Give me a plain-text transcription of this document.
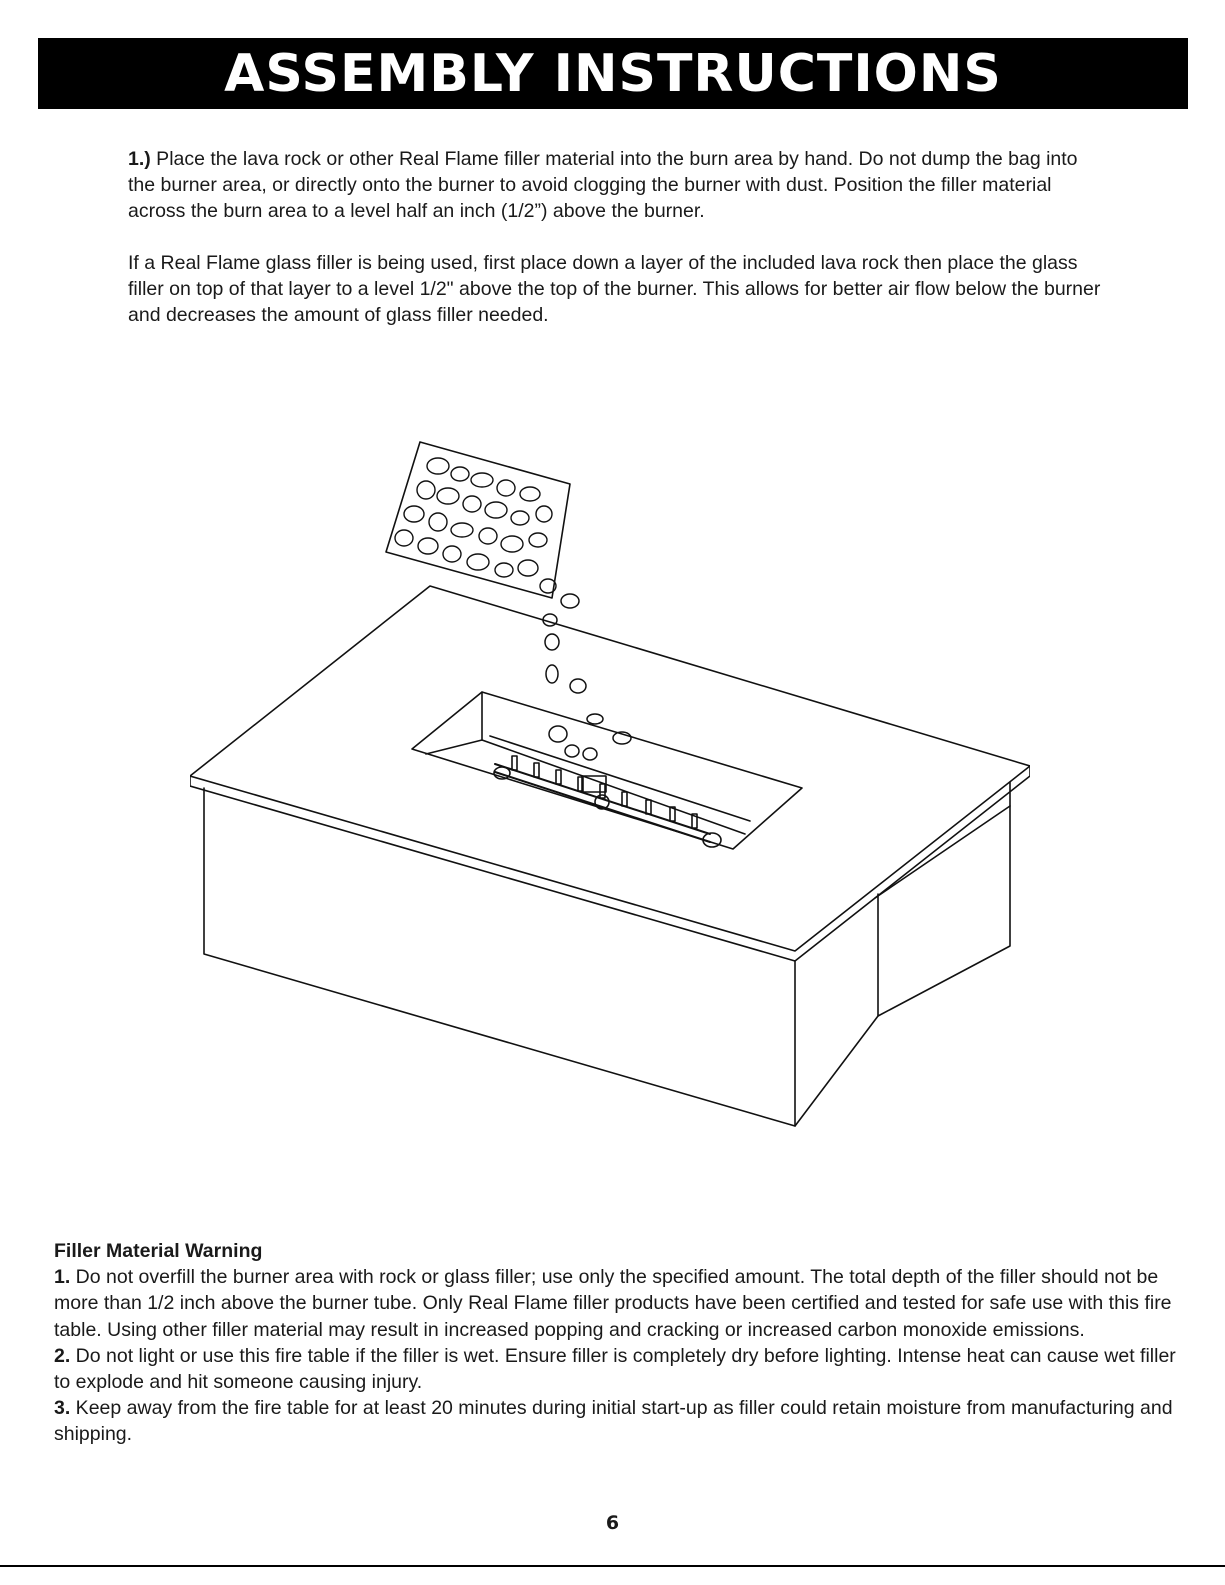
ASSEMBLY INSTRUCTIONS

1.) Place the lava rock or other Real Flame filler material into the burn area by hand. Do not dump the bag into the burner area, or directly onto the burner to avoid clogging the burner with dust. Position the filler material across the burn area to a level half an inch (1/2”) above the burner.

If a Real Flame glass filler is being used, first place down a layer of the included lava rock then place the glass filler on top of that layer to a level 1/2" above the top of the burner. This allows for better air flow below the burner and decreases the amount of glass filler needed.

Filler Material Warning

1. Do not overfill the burner area with rock or glass filler; use only the specified amount. The total depth of the filler should not be more than 1/2 inch above the burner tube. Only Real Flame filler products have been certified and tested for safe use with this fire table. Using other filler material may result in increased popping and cracking or increased carbon monoxide emissions.

2. Do not light or use this fire table if the filler is wet. Ensure filler is completely dry before lighting. Intense heat can cause wet filler to explode and hit someone causing injury.

3. Keep away from the fire table for at least 20 minutes during initial start-up as filler could retain moisture from manufacturing and shipping.

6
